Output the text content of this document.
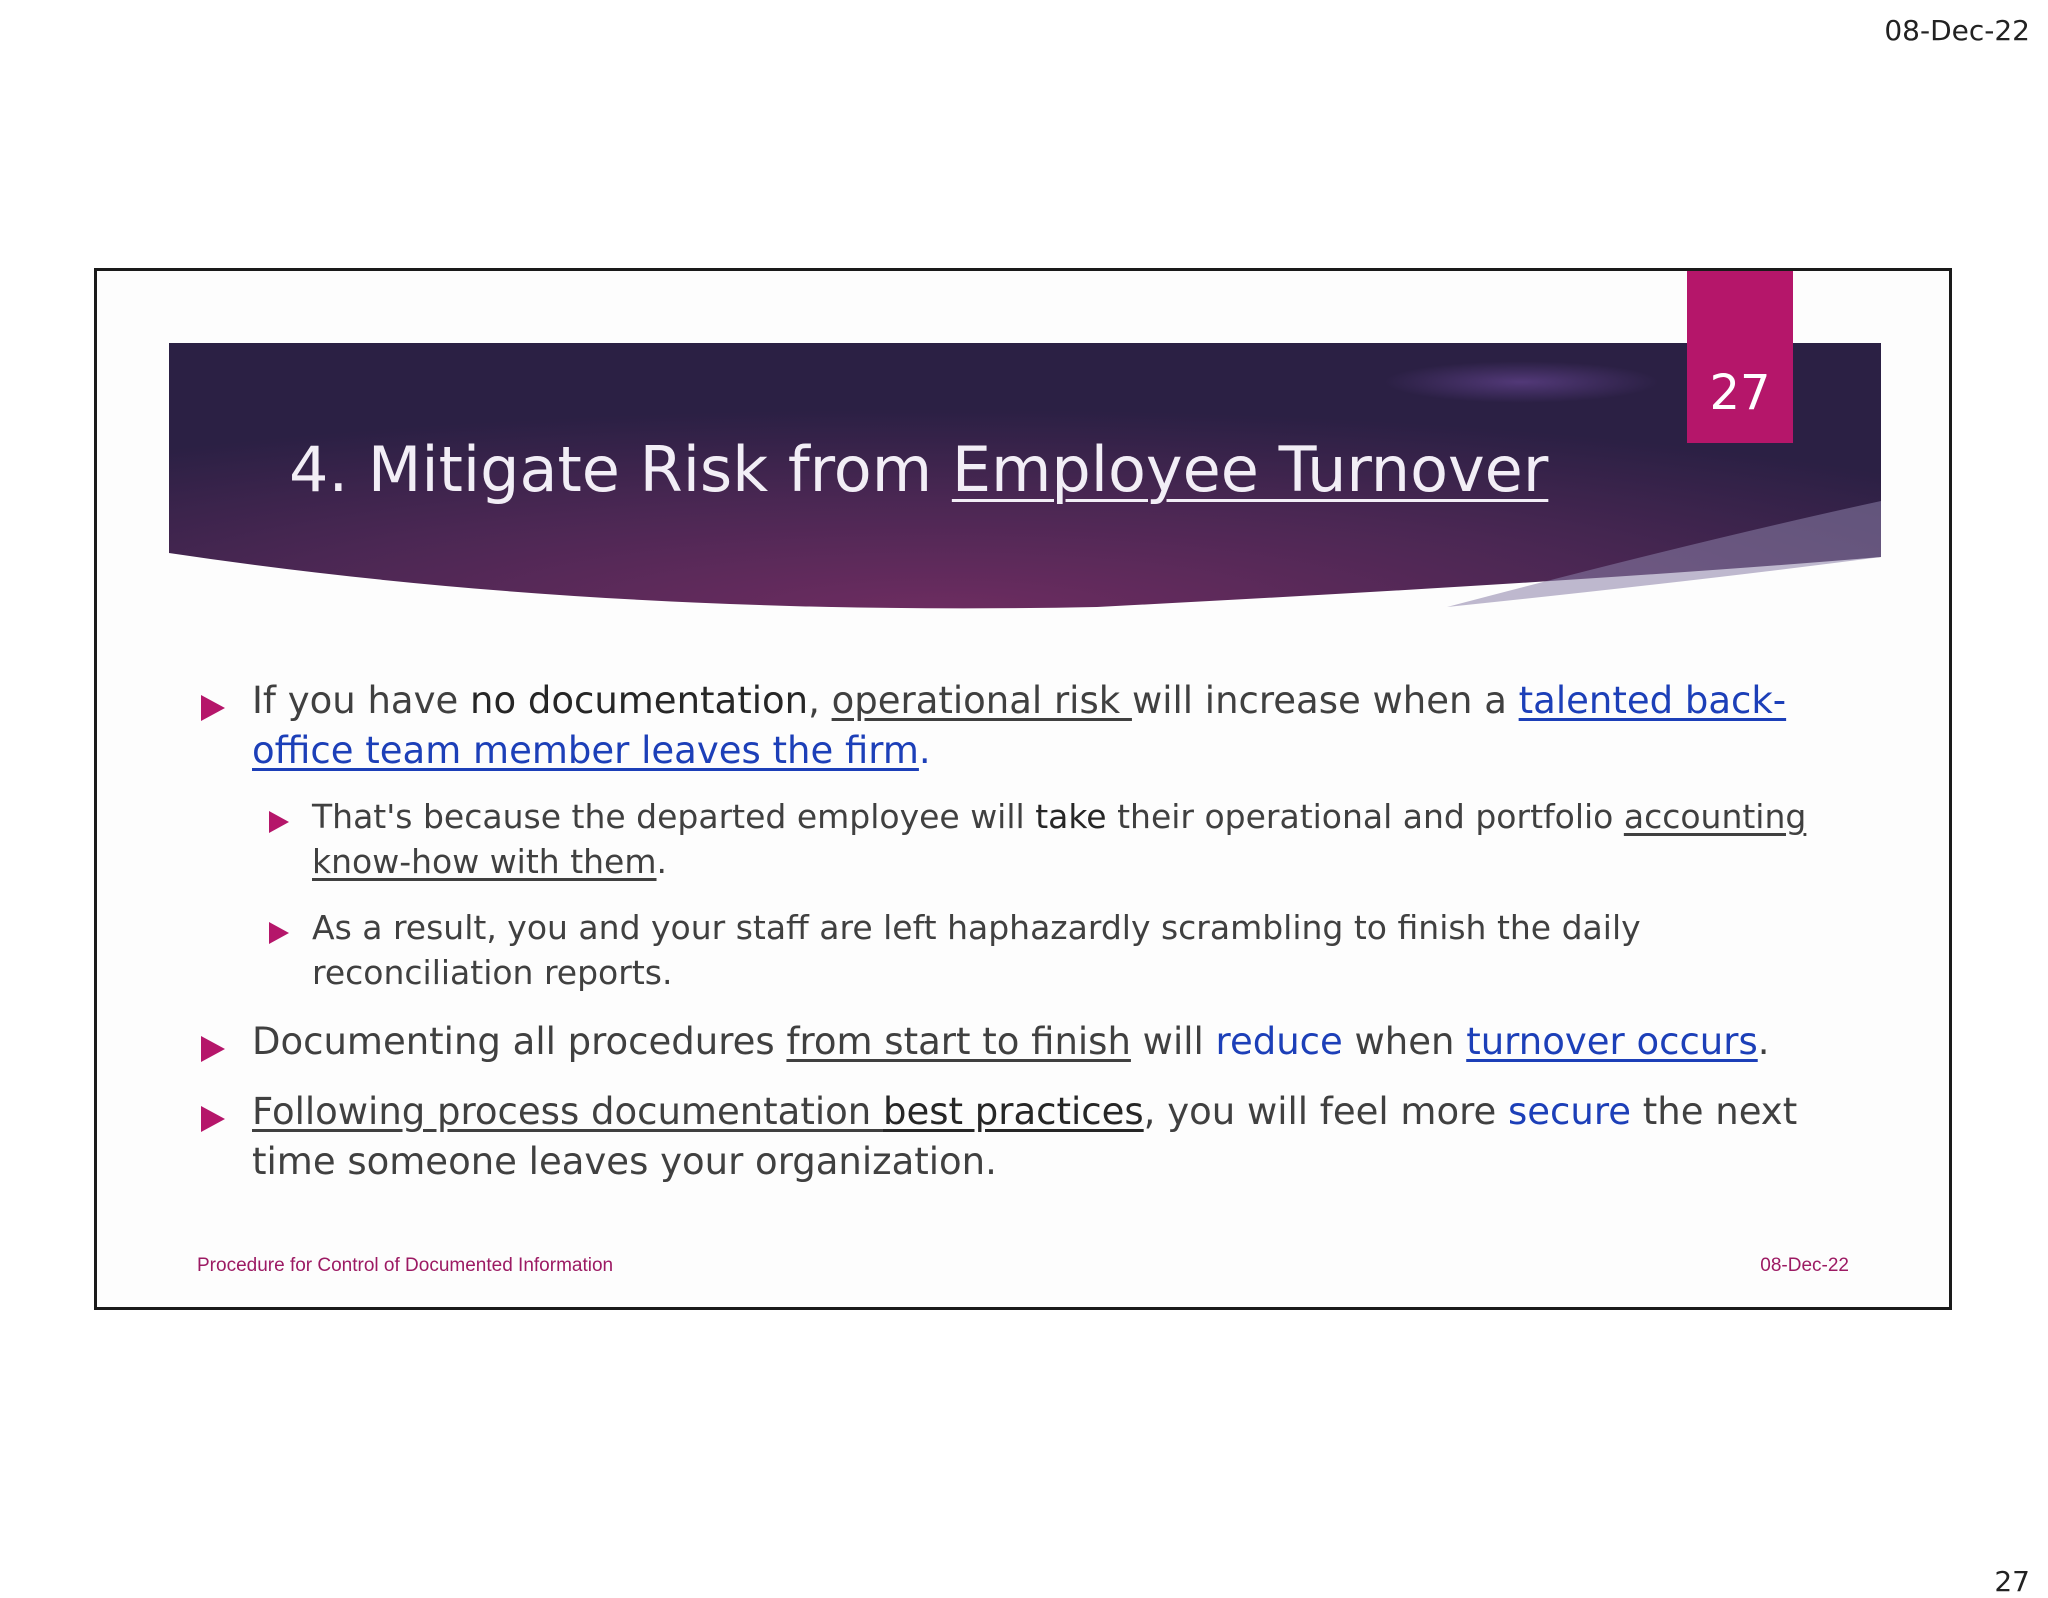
08-Dec-22
27
4. Mitigate Risk from Employee Turnover
If you have no documentation, operational risk will increase when a talented back-office team member leaves the firm.
That's because the departed employee will take their operational and portfolio accounting know-how with them.
As a result, you and your staff are left haphazardly scrambling to finish the daily reconciliation reports.
Documenting all procedures from start to finish will reduce when turnover occurs.
Following process documentation best practices, you will feel more secure the next time someone leaves your organization.
Procedure for Control of Documented Information	08-Dec-22
27
